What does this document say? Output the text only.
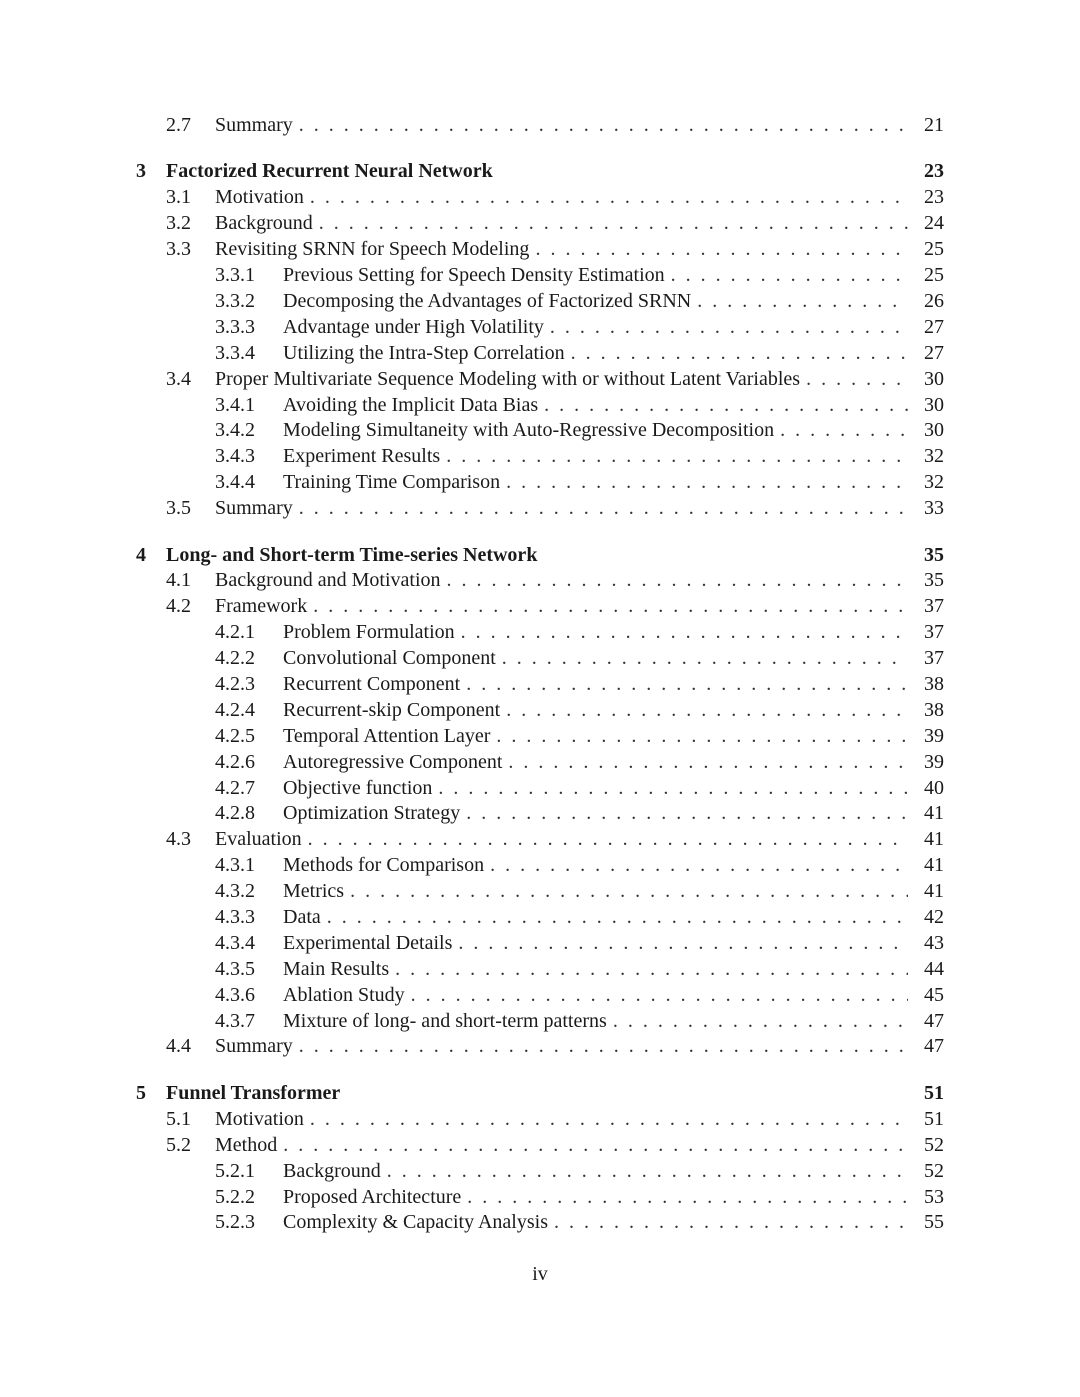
2.7 Summary . . .	21
3 Factorized Recurrent Neural Network	23
3.1 Motivation . . .	23
3.2 Background . . .	24
3.3 Revisiting SRNN for Speech Modeling . . .	25
3.3.1 Previous Setting for Speech Density Estimation . . .	25
3.3.2 Decomposing the Advantages of Factorized SRNN . . .	26
3.3.3 Advantage under High Volatility . . .	27
3.3.4 Utilizing the Intra-Step Correlation . . .	27
3.4 Proper Multivariate Sequence Modeling with or without Latent Variables . . .	30
3.4.1 Avoiding the Implicit Data Bias . . .	30
3.4.2 Modeling Simultaneity with Auto-Regressive Decomposition . . .	30
3.4.3 Experiment Results . . .	32
3.4.4 Training Time Comparison . . .	32
3.5 Summary . . .	33
4 Long- and Short-term Time-series Network	35
4.1 Background and Motivation . . .	35
4.2 Framework . . .	37
4.2.1 Problem Formulation . . .	37
4.2.2 Convolutional Component . . .	37
4.2.3 Recurrent Component . . .	38
4.2.4 Recurrent-skip Component . . .	38
4.2.5 Temporal Attention Layer . . .	39
4.2.6 Autoregressive Component . . .	39
4.2.7 Objective function . . .	40
4.2.8 Optimization Strategy . . .	41
4.3 Evaluation . . .	41
4.3.1 Methods for Comparison . . .	41
4.3.2 Metrics . . .	41
4.3.3 Data . . .	42
4.3.4 Experimental Details . . .	43
4.3.5 Main Results . . .	44
4.3.6 Ablation Study . . .	45
4.3.7 Mixture of long- and short-term patterns . . .	47
4.4 Summary . . .	47
5 Funnel Transformer	51
5.1 Motivation . . .	51
5.2 Method . . .	52
5.2.1 Background . . .	52
5.2.2 Proposed Architecture . . .	53
5.2.3 Complexity & Capacity Analysis . . .	55
iv
